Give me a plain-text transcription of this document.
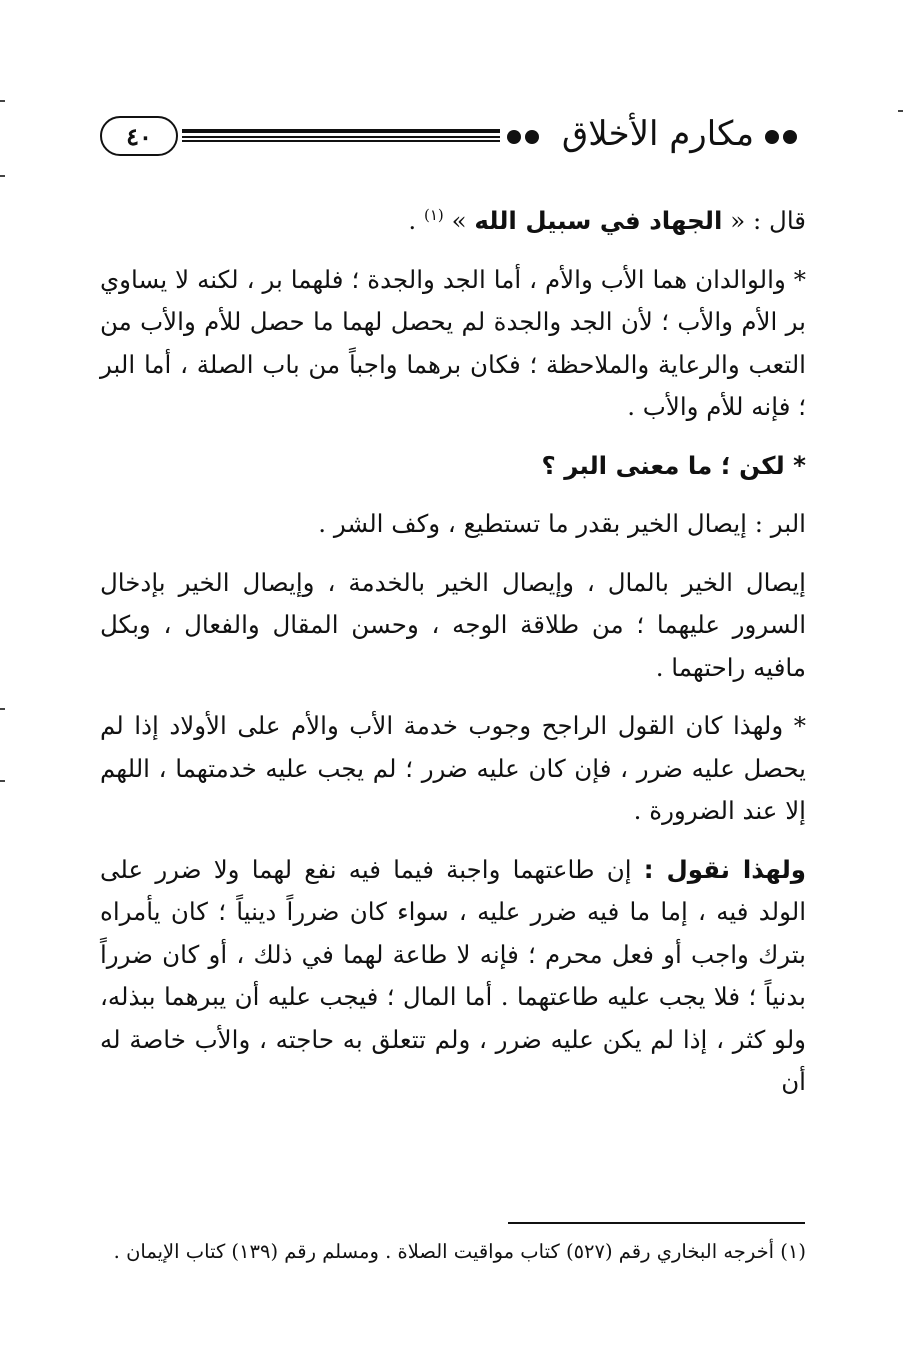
٤٠	مكارم الأخلاق

قال : « الجهاد في سبيل الله » $^{(١)}$ .

* والوالدان هما الأب والأم ، أما الجد والجدة ؛ فلهما بر ، لكنه لا يساوي بر الأم والأب ؛ لأن الجد والجدة لم يحصل لهما ما حصل للأم والأب من التعب والرعاية والملاحظة ؛ فكان برهما واجباً من باب الصلة ، أما البر ؛ فإنه للأم والأب .

* لكن ؛ ما معنى البر ؟

البر : إيصال الخير بقدر ما تستطيع ، وكف الشر .

إيصال الخير بالمال ، وإيصال الخير بالخدمة ، وإيصال الخير بإدخال السرور عليهما ؛ من طلاقة الوجه ، وحسن المقال والفعال ، وبكل مافيه راحتهما .

* ولهذا كان القول الراجح وجوب خدمة الأب والأم على الأولاد إذا لم يحصل عليه ضرر ، فإن كان عليه ضرر ؛ لم يجب عليه خدمتهما ، اللهم إلا عند الضرورة .

ولهذا نقول : إن طاعتهما واجبة فيما فيه نفع لهما ولا ضرر على الولد فيه ، إما ما فيه ضرر عليه ، سواء كان ضرراً دينياً ؛ كان يأمراه بترك واجب أو فعل محرم ؛ فإنه لا طاعة لهما في ذلك ، أو كان ضرراً بدنياً ؛ فلا يجب عليه طاعتهما . أما المال ؛ فيجب عليه أن يبرهما ببذله، ولو كثر ، إذا لم يكن عليه ضرر ، ولم تتعلق به حاجته ، والأب خاصة له أن

(١) أخرجه البخاري رقم (٥٢٧) كتاب مواقيت الصلاة . ومسلم رقم (١٣٩) كتاب الإيمان .
